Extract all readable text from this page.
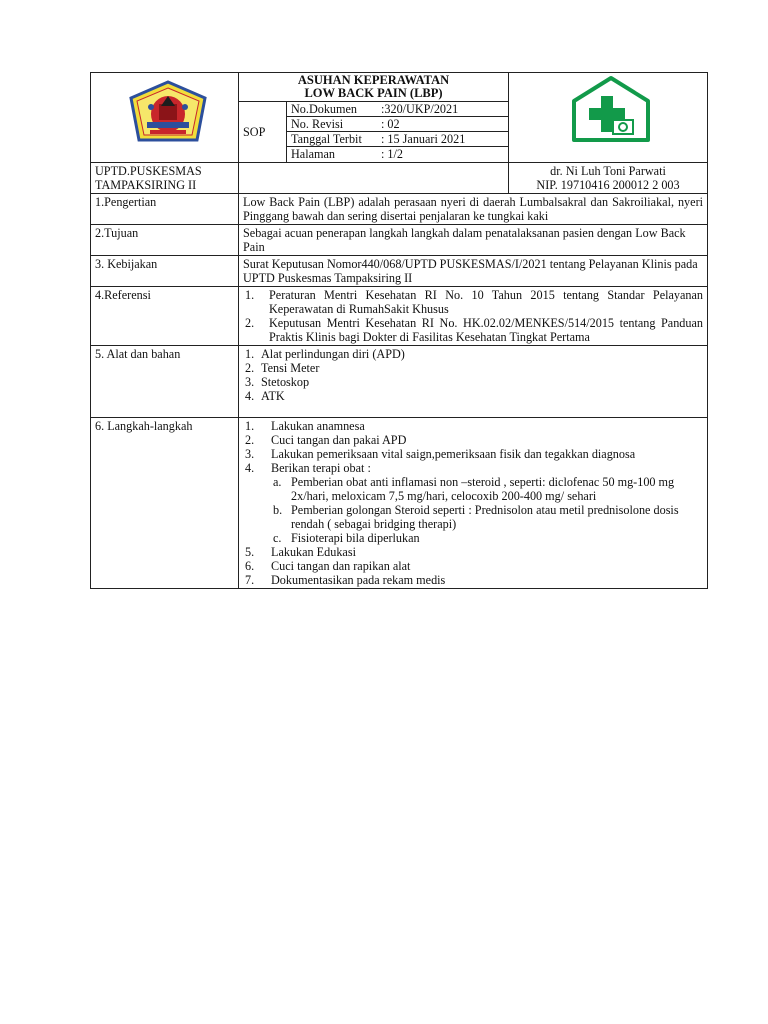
ASUHAN KEPERAWATAN
LOW BACK PAIN (LBP)

SOP	
No.Dokumen :320/UKP/2021
No. Revisi	: 02
Tanggal Terbit : 15 Januari 2021
Halaman	: 1/2

UPTD.PUSKESMAS
TAMPAKSIRING II

dr. Ni Luh Toni Parwati
NIP. 19710416 200012 2 003

1.Pengertian	Low Back Pain (LBP) adalah perasaan nyeri di daerah Lumbalsakral dan Sakroiliakal, nyeri Pinggang bawah dan sering disertai penjalaran ke tungkai kaki
2.Tujuan	Sebagai acuan penerapan langkah langkah dalam penatalaksanan pasien dengan Low Back Pain
3. Kebijakan	Surat Keputusan Nomor440/068/UPTD PUSKESMAS/I/2021 tentang Pelayanan Klinis pada UPTD Puskesmas Tampaksiring II
4.Referensi	1. Peraturan Mentri Kesehatan RI No. 10 Tahun 2015 tentang Standar Pelayanan Keperawatan di RumahSakit Khusus
2. Keputusan Mentri Kesehatan RI No. HK.02.02/MENKES/514/2015 tentang Panduan Praktis Klinis bagi Dokter di Fasilitas Kesehatan Tingkat Pertama

5. Alat dan bahan	1. Alat perlindungan diri (APD)
2. Tensi Meter
3. Stetoskop
4. ATK

6. Langkah-langkah	1. Lakukan anamnesa
2. Cuci tangan dan pakai APD
3. Lakukan pemeriksaan vital saign,pemeriksaan fisik dan tegakkan diagnosa
4. Berikan terapi obat :
a. Pemberian obat anti inflamasi non –steroid , seperti: diclofenac 50 mg-100 mg 2x/hari, meloxicam 7,5 mg/hari, celocoxib 200-400 mg/ sehari
b. Pemberian golongan Steroid seperti : Prednisolon atau metil prednisolone dosis rendah ( sebagai bridging therapi)
c. Fisioterapi bila diperlukan
5. Lakukan Edukasi
6. Cuci tangan dan rapikan alat
7. Dokumentasikan pada rekam medis
